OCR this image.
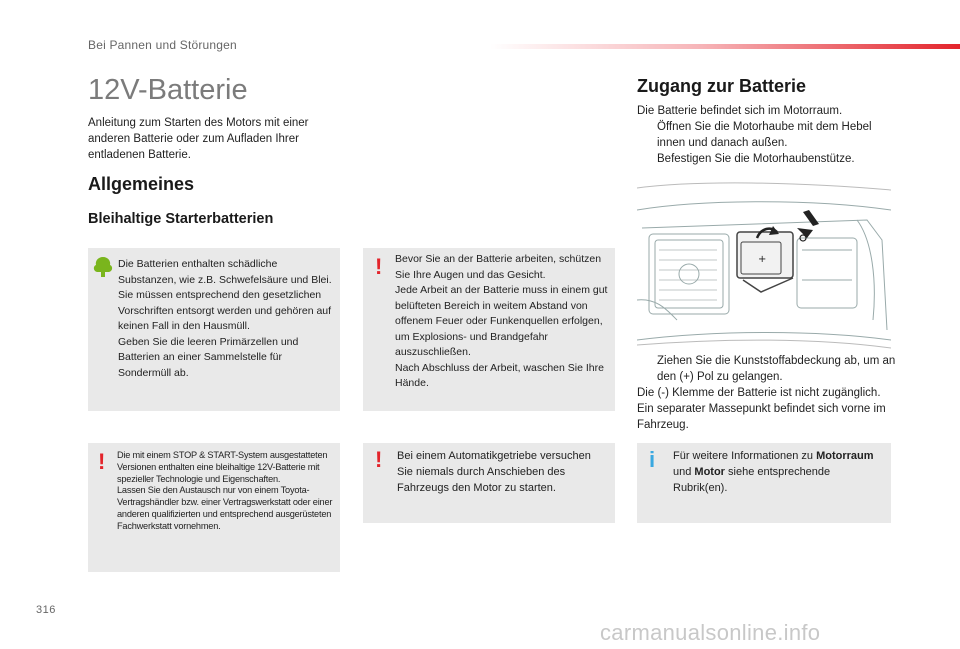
Bei Pannen und Störungen
12V-Batterie
Anleitung zum Starten des Motors mit einer anderen Batterie oder zum Aufladen Ihrer entladenen Batterie.
Allgemeines
Bleihaltige Starterbatterien
Die Batterien enthalten schädliche Substanzen, wie z.B. Schwefelsäure und Blei.
Sie müssen entsprechend den gesetzlichen Vorschriften entsorgt werden und gehören auf keinen Fall in den Hausmüll.
Geben Sie die leeren Primärzellen und Batterien an einer Sammelstelle für Sondermüll ab.
! Bevor Sie an der Batterie arbeiten, schützen Sie Ihre Augen und das Gesicht.
Jede Arbeit an der Batterie muss in einem gut belüfteten Bereich in weitem Abstand von offenem Feuer oder Funkenquellen erfolgen, um Explosions- und Brandgefahr auszuschließen.
Nach Abschluss der Arbeit, waschen Sie Ihre Hände.
! Die mit einem STOP & START-System ausgestatteten Versionen enthalten eine bleihaltige 12V-Batterie mit spezieller Technologie und Eigenschaften.
Lassen Sie den Austausch nur von einem Toyota-Vertragshändler bzw. einer Vertragswerkstatt oder einer anderen qualifizierten und entsprechend ausgerüsteten Fachwerkstatt vornehmen.
! Bei einem Automatikgetriebe versuchen Sie niemals durch Anschieben des Fahrzeugs den Motor zu starten.
Zugang zur Batterie
Die Batterie befindet sich im Motorraum.
Öffnen Sie die Motorhaube mit dem Hebel innen und danach außen.
Befestigen Sie die Motorhaubenstütze.
+
Ziehen Sie die Kunststoffabdeckung ab, um an den (+) Pol zu gelangen.
Die (-) Klemme der Batterie ist nicht zugänglich.
Ein separater Massepunkt befindet sich vorne im Fahrzeug.
i Für weitere Informationen zu Motorraum und Motor siehe entsprechende Rubrik(en).
316
carmanualsonline.info
